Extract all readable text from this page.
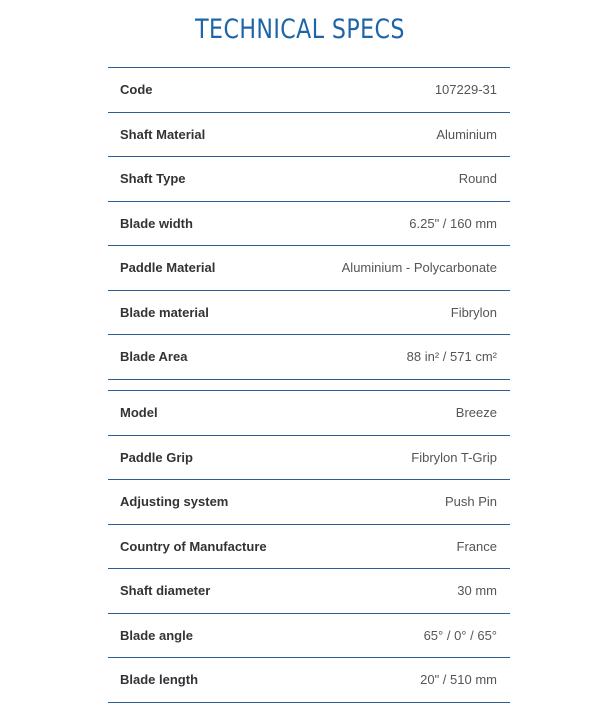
TECHNICAL SPECS
Code	107229-31
Shaft Material	Aluminium
Shaft Type	Round
Blade width	6.25" / 160 mm
Paddle Material	Aluminium - Polycarbonate
Blade material	Fibrylon
Blade Area	88 in² / 571 cm²
Model	Breeze
Paddle Grip	Fibrylon T-Grip
Adjusting system	Push Pin
Country of Manufacture	France
Shaft diameter	30 mm
Blade angle	65° / 0° / 65°
Blade length	20" / 510 mm
